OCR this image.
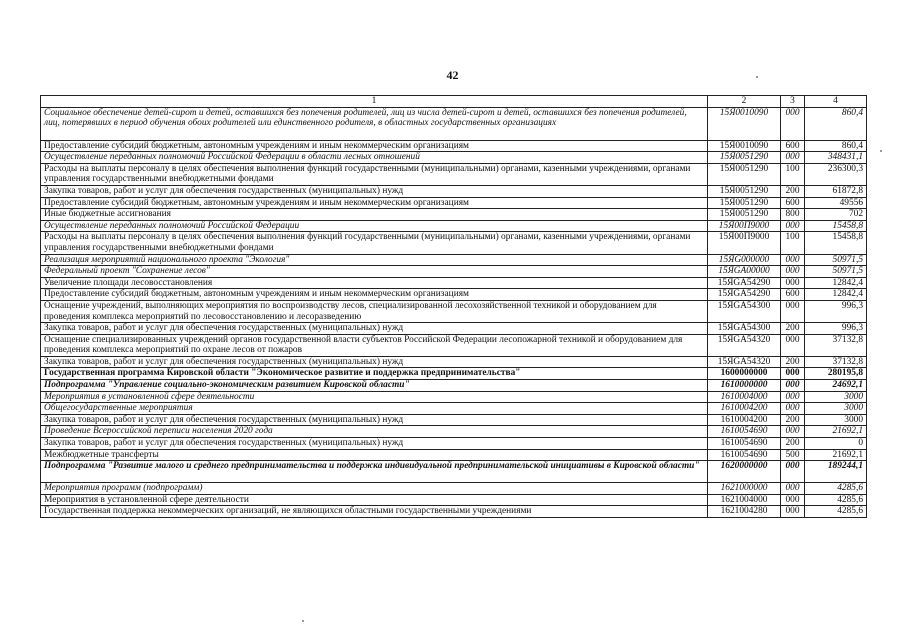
42
1	2	3	4
Социальное обеспечение детей-сирот и детей, оставшихся без попечения родителей, лиц из числа детей-сирот и детей, оставшихся без попечения родителей, лиц, потерявших в период обучения обоих родителей или единственного родителя, в областных государственных организациях	15Я0010090	000	860,4
Предоставление субсидий бюджетным, автономным учреждениям и иным некоммерческим организациям	15Я0010090	600	860,4
Осуществление переданных полномочий Российской Федерации в области лесных отношений	15Я0051290	000	348431,1
Расходы на выплаты персоналу в целях обеспечения выполнения функций государственными (муниципальными) органами, казенными учреждениями, органами управления государственными внебюджетными фондами	15Я0051290	100	236300,3
Закупка товаров, работ и услуг для обеспечения государственных (муниципальных) нужд	15Я0051290	200	61872,8
Предоставление субсидий бюджетным, автономным учреждениям и иным некоммерческим организациям	15Я0051290	600	49556
Иные бюджетные ассигнования	15Я0051290	800	702
Осуществление переданных полномочий Российской Федерации	15Я00П9000	000	15458,8
Расходы на выплаты персоналу в целях обеспечения выполнения функций государственными (муниципальными) органами, казенными учреждениями, органами управления государственными внебюджетными фондами	15Я00П9000	100	15458,8
Реализация мероприятий национального проекта "Экология"	15ЯG000000	000	50971,5
Федеральный проект "Сохранение лесов"	15ЯGA00000	000	50971,5
Увеличение площади лесовосстановления	15ЯGA54290	000	12842,4
Предоставление субсидий бюджетным, автономным учреждениям и иным некоммерческим организациям	15ЯGA54290	600	12842,4
Оснащение учреждений, выполняющих мероприятия по воспроизводству лесов, специализированной лесохозяйственной техникой и оборудованием для проведения комплекса мероприятий по лесовосстановлению и лесоразведению	15ЯGA54300	000	996,3
Закупка товаров, работ и услуг для обеспечения государственных (муниципальных) нужд	15ЯGA54300	200	996,3
Оснащение специализированных учреждений органов государственной власти субъектов Российской Федерации лесопожарной техникой и оборудованием для проведения комплекса мероприятий по охране лесов от пожаров	15ЯGA54320	000	37132,8
Закупка товаров, работ и услуг для обеспечения государственных (муниципальных) нужд	15ЯGA54320	200	37132,8
Государственная программа Кировской области "Экономическое развитие и поддержка предпринимательства"	1600000000	000	280195,8
Подпрограмма "Управление социально-экономическим развитием Кировской области"	1610000000	000	24692,1
Мероприятия в установленной сфере деятельности	1610004000	000	3000
Общегосударственные мероприятия	1610004200	000	3000
Закупка товаров, работ и услуг для обеспечения государственных (муниципальных) нужд	1610004200	200	3000
Проведение Всероссийской переписи населения 2020 года	1610054690	000	21692,1
Закупка товаров, работ и услуг для обеспечения государственных (муниципальных) нужд	1610054690	200	0
Межбюджетные трансферты	1610054690	500	21692,1
Подпрограмма "Развитие малого и среднего предпринимательства и поддержка индивидуальной предпринимательской инициативы в Кировской области"	1620000000	000	189244,1
Мероприятия программ (подпрограмм)	1621000000	000	4285,6
Мероприятия в установленной сфере деятельности	1621004000	000	4285,6
Государственная поддержка некоммерческих организаций, не являющихся областными государственными учреждениями	1621004280	000	4285,6
